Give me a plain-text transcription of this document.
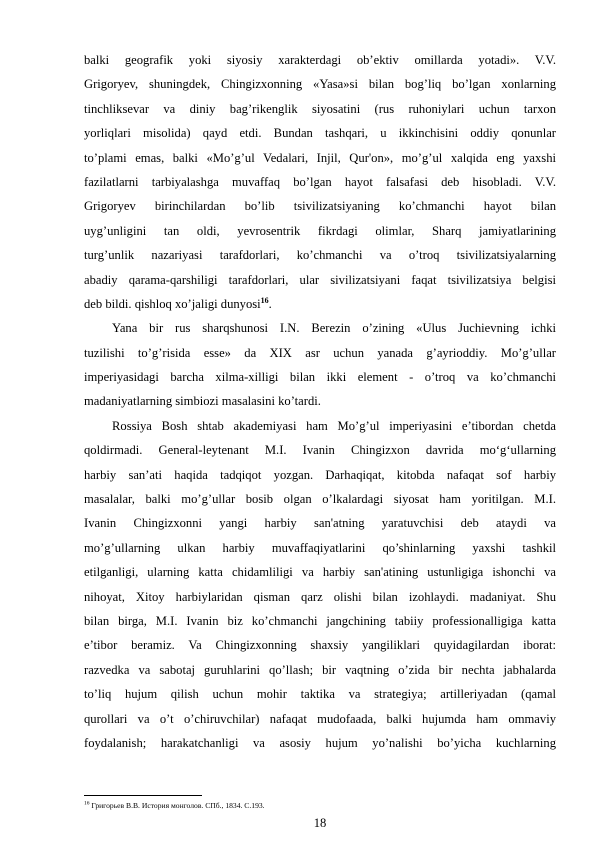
balki geografik yoki siyosiy xarakterdagi ob’ektiv omillarda yotadi». V.V.
Grigoryev, shuningdek, Chingizxonning «Yasa»si bilan bog’liq bo’lgan xonlarning
tinchliksevar va diniy bag’rikenglik siyosatini (rus ruhoniylari uchun tarxon
yorliqlari misolida) qayd etdi. Bundan tashqari, u ikkinchisini oddiy qonunlar
to’plami emas, balki «Mo’g’ul Vedalari, Injil, Qur'on», mo’g’ul xalqida eng yaxshi
fazilatlarni tarbiyalashga muvaffaq bo’lgan hayot falsafasi deb hisobladi. V.V.
Grigoryev birinchilardan bo’lib tsivilizatsiyaning ko’chmanchi hayot bilan
uyg’unligini tan oldi, yevrosentrik fikrdagi olimlar, Sharq jamiyatlarining
turg’unlik nazariyasi tarafdorlari, ko’chmanchi va o’troq tsivilizatsiyalarning
abadiy qarama-qarshiligi tarafdorlari, ular sivilizatsiyani faqat tsivilizatsiya belgisi
deb bildi. qishloq xo’jaligi dunyosi$^{16}$.
Yana bir rus sharqshunosi I.N. Berezin o’zining «Ulus Juchievning ichki
tuzilishi to’g’risida esse» da XIX asr uchun yanada g’ayrioddiy. Mo’g’ullar
imperiyasidagi barcha xilma-xilligi bilan ikki element - o’troq va ko’chmanchi
madaniyatlarning simbiozi masalasini ko’tardi.
Rossiya Bosh shtab akademiyasi ham Mo’g’ul imperiyasini e’tibordan chetda
qoldirmadi. General-leytenant M.I. Ivanin Chingizxon davrida mo‘g‘ullarning
harbiy san’ati haqida tadqiqot yozgan. Darhaqiqat, kitobda nafaqat sof harbiy
masalalar, balki mo’g’ullar bosib olgan o’lkalardagi siyosat ham yoritilgan. M.I.
Ivanin Chingizxonni yangi harbiy san'atning yaratuvchisi deb ataydi va
mo’g’ullarning ulkan harbiy muvaffaqiyatlarini qo’shinlarning yaxshi tashkil
etilganligi, ularning katta chidamliligi va harbiy san'atining ustunligiga ishonchi va
nihoyat, Xitoy harbiylaridan qisman qarz olishi bilan izohlaydi. madaniyat. Shu
bilan birga, M.I. Ivanin biz ko’chmanchi jangchining tabiiy professionalligiga katta
e’tibor beramiz. Va Chingizxonning shaxsiy yangiliklari quyidagilardan iborat:
razvedka va sabotaj guruhlarini qo’llash; bir vaqtning o’zida bir nechta jabhalarda
to’liq hujum qilish uchun mohir taktika va strategiya; artilleriyadan (qamal
qurollari va o’t o’chiruvchilar) nafaqat mudofaada, balki hujumda ham ommaviy
foydalanish; harakatchanligi va asosiy hujum yo’nalishi bo’yicha kuchlarning
$^{16}$ Григорьев В.В. История монголов. СПб., 1834. С.193.
18
